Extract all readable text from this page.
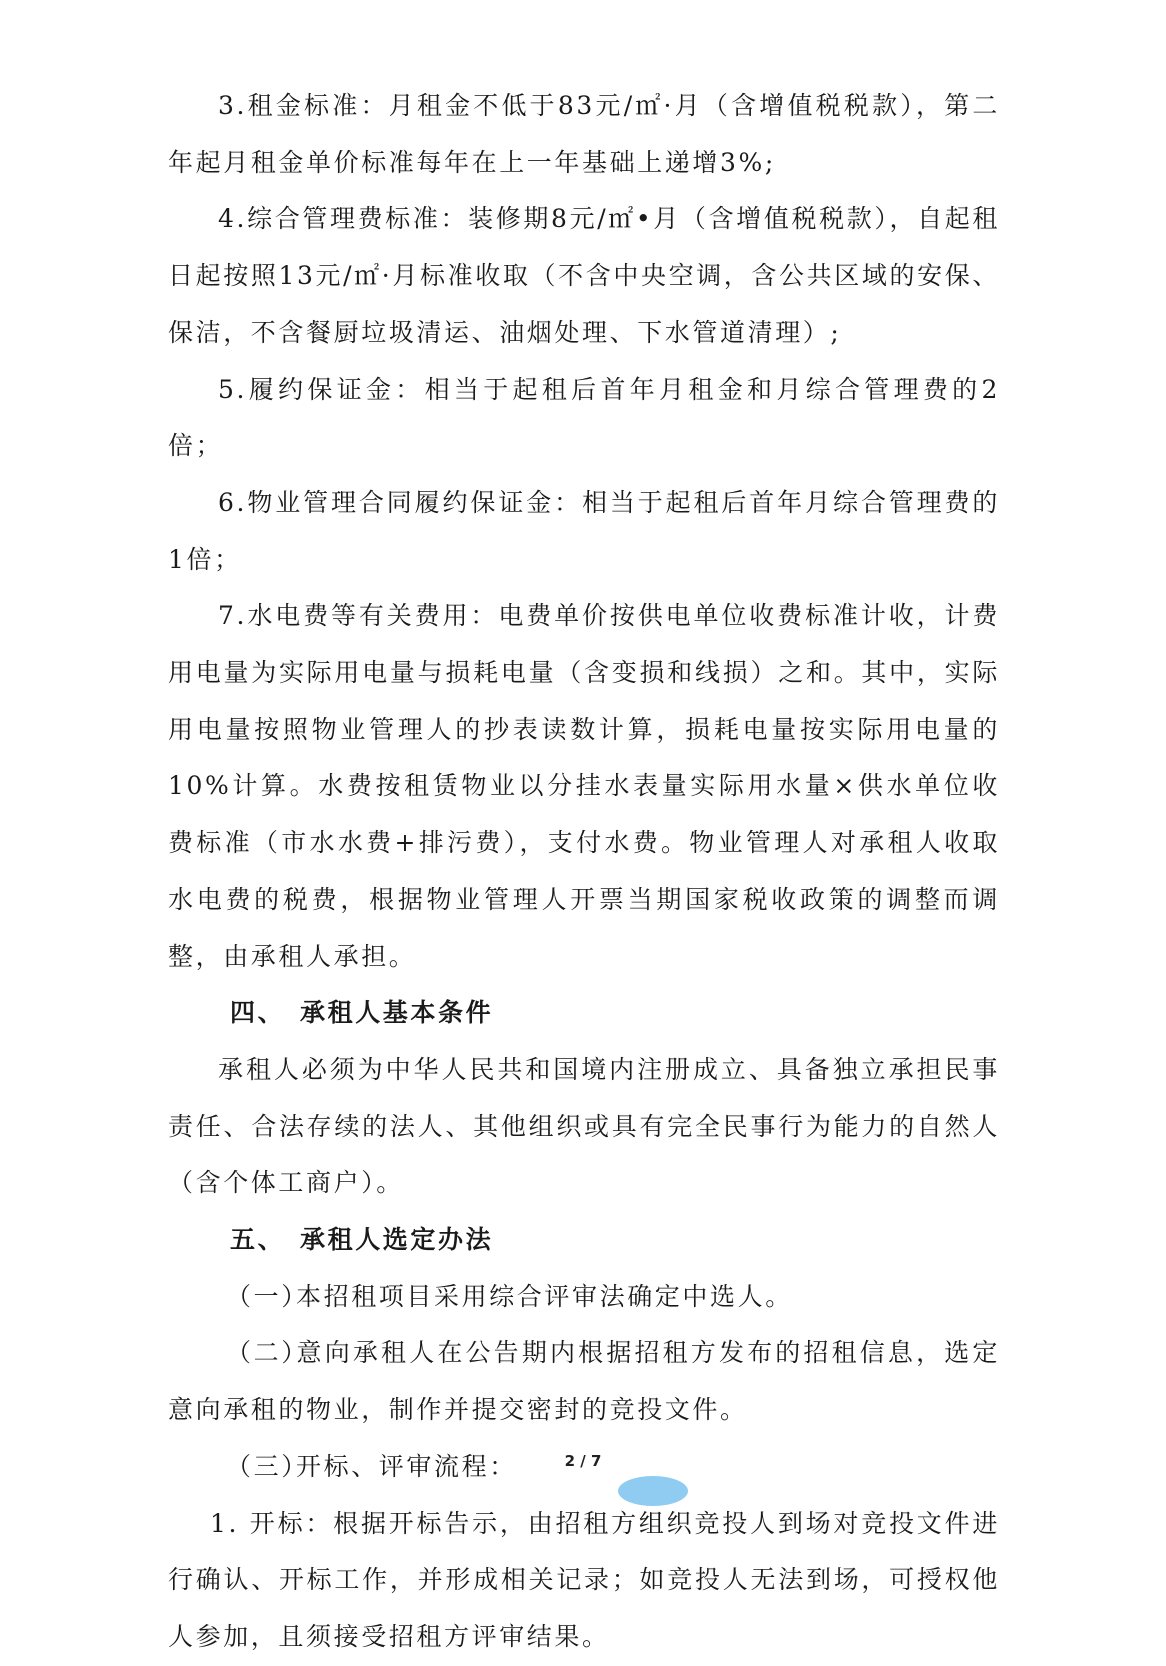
3.租金标准：月租金不低于83元/㎡·月（含增值税税款），第二年起月租金单价标准每年在上一年基础上递增3%;

4.综合管理费标准：装修期8元/㎡•月（含增值税税款），自起租日起按照13元/㎡·月标准收取（不含中央空调，含公共区域的安保、保洁，不含餐厨垃圾清运、油烟处理、下水管道清理）;

5.履约保证金：相当于起租后首年月租金和月综合管理费的2倍；

6.物业管理合同履约保证金：相当于起租后首年月综合管理费的1倍；

7.水电费等有关费用：电费单价按供电单位收费标准计收，计费用电量为实际用电量与损耗电量（含变损和线损）之和。其中，实际用电量按照物业管理人的抄表读数计算，损耗电量按实际用电量的10%计算。水费按租赁物业以分挂水表量实际用水量×供水单位收费标准（市水水费+排污费），支付水费。物业管理人对承租人收取水电费的税费，根据物业管理人开票当期国家税收政策的调整而调整，由承租人承担。

四、 承租人基本条件

承租人必须为中华人民共和国境内注册成立、具备独立承担民事责任、合法存续的法人、其他组织或具有完全民事行为能力的自然人（含个体工商户）。

五、 承租人选定办法
（一）本招租项目采用综合评审法确定中选人。

（二）意向承租人在公告期内根据招租方发布的招租信息，选定意向承租的物业，制作并提交密封的竞投文件。

（三）开标、评审流程：

1. 开标：根据开标告示，由招租方组织竞投人到场对竞投文件进行确认、开标工作，并形成相关记录；如竞投人无法到场，可授权他人参加，且须接受招租方评审结果。

2 / 7
